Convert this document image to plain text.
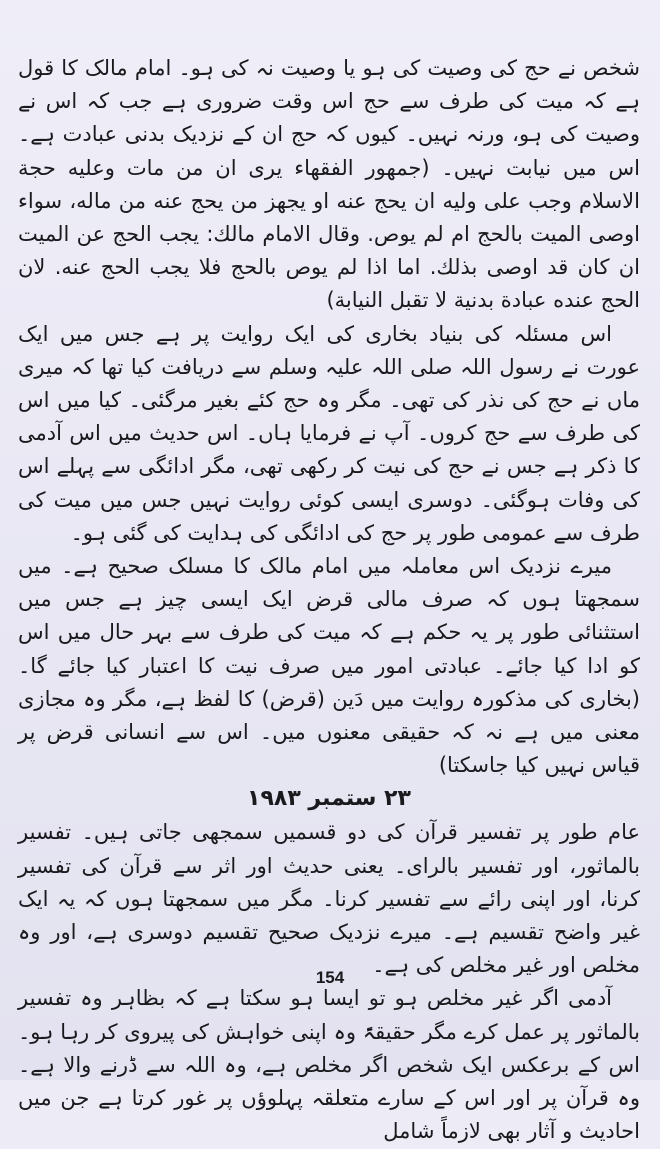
شخص نے حج کی وصیت کی ہو یا وصیت نہ کی ہو۔ امام مالک کا قول ہے کہ میت کی طرف سے حج اس وقت ضروری ہے جب کہ اس نے وصیت کی ہو، ورنہ نہیں۔ کیوں کہ حج ان کے نزدیک بدنی عبادت ہے۔ اس میں نیابت نہیں۔ (جمهور الفقهاء يرى ان من مات وعليه حجة الاسلام وجب على وليه ان يحج عنه او يجهز من يحج عنه من ماله، سواء اوصى الميت بالحج ام لم يوص. وقال الامام مالك: يجب الحج عن الميت ان كان قد اوصى بذلك. اما اذا لم يوص بالحج فلا يجب الحج عنه. لان الحج عنده عبادة بدنية لا تقبل النيابة)

اس مسئلہ کی بنیاد بخاری کی ایک روایت پر ہے جس میں ایک عورت نے رسول اللہ صلی اللہ علیہ وسلم سے دریافت کیا تھا کہ میری ماں نے حج کی نذر کی تھی۔ مگر وہ حج کئے بغیر مرگئی۔ کیا میں اس کی طرف سے حج کروں۔ آپ نے فرمایا ہاں۔ اس حدیث میں اس آدمی کا ذکر ہے جس نے حج کی نیت کر رکھی تھی، مگر ادائگی سے پہلے اس کی وفات ہوگئی۔ دوسری ایسی کوئی روایت نہیں جس میں میت کی طرف سے عمومی طور پر حج کی ادائگی کی ہدایت کی گئی ہو۔

میرے نزدیک اس معاملہ میں امام مالک کا مسلک صحیح ہے۔ میں سمجھتا ہوں کہ صرف مالی قرض ایک ایسی چیز ہے جس میں استثنائی طور پر یہ حکم ہے کہ میت کی طرف سے بہر حال میں اس کو ادا کیا جائے۔ عبادتی امور میں صرف نیت کا اعتبار کیا جائے گا۔ (بخاری کی مذکورہ روایت میں دَین (قرض) کا لفظ ہے، مگر وہ مجازی معنی میں ہے نہ کہ حقیقی معنوں میں۔ اس سے انسانی قرض پر قیاس نہیں کیا جاسکتا)

۲۳ ستمبر ۱۹۸۳

عام طور پر تفسیر قرآن کی دو قسمیں سمجھی جاتی ہیں۔ تفسیر بالماثور، اور تفسیر بالرای۔ یعنی حدیث اور اثر سے قرآن کی تفسیر کرنا، اور اپنی رائے سے تفسیر کرنا۔ مگر میں سمجھتا ہوں کہ یہ ایک غیر واضح تقسیم ہے۔ میرے نزدیک صحیح تقسیم دوسری ہے، اور وہ مخلص اور غیر مخلص کی ہے۔

آدمی اگر غیر مخلص ہو تو ایسا ہو سکتا ہے کہ بظاہر وہ تفسیر بالماثور پر عمل کرے مگر حقیقۃً وہ اپنی خواہش کی پیروی کر رہا ہو۔ اس کے برعکس ایک شخص اگر مخلص ہے، وہ اللہ سے ڈرنے والا ہے۔ وہ قرآن پر اور اس کے سارے متعلقہ پہلوؤں پر غور کرتا ہے جن میں احادیث و آثار بھی لازماً شامل

154
